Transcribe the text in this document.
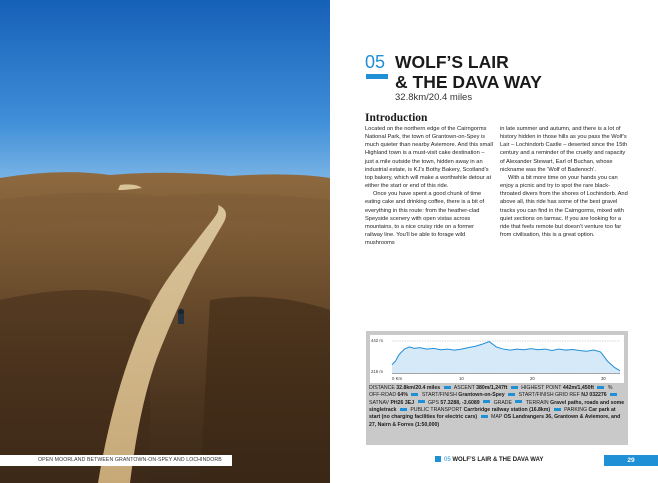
OPEN MOORLAND BETWEEN GRANTOWN-ON-SPEY AND LOCHINDORB
05 WOLF’S LAIR
& THE DAVA WAY
32.8km/20.4 miles
Introduction

Located on the northern edge of the Cairngorms National Park, the town of Grantown-on-Spey is much quieter than nearby Aviemore. And this small Highland town is a must-visit cake destination – just a mile outside the town, hidden away in an industrial estate, is KJ’s Bothy Bakery, Scotland’s top bakery, which will make a worthwhile detour at either the start or end of this ride.

Once you have spent a good chunk of time eating cake and drinking coffee, there is a bit of everything in this route: from the heather-clad Speyside scenery with open vistas across mountains, to a nice cruisy ride on a former railway line. You’ll be able to forage wild mushrooms

in late summer and autumn, and there is a lot of history hidden in those hills as you pass the Wolf’s Lair – Lochindorb Castle – deserted since the 15th century and a reminder of the cruelty and rapacity of Alexander Stewart, Earl of Buchan, whose nickname was the ‘Wolf of Badenoch’.

With a bit more time on your hands you can enjoy a picnic and try to spot the rare black-throated divers from the shores of Lochindorb. And above all, this ride has some of the best gravel tracks you can find in the Cairngorms, mixed with quiet sections on tarmac. If you are looking for a ride that feels remote but doesn’t venture too far from civilisation, this is a great option.

442 m
216 m
0 Km	10	20	30
DISTANCE 32.8km/20.4 miles	ASCENT 380m/1,247ft	HIGHEST POINT 442m/1,450ft	% OFF-ROAD 64%	START/FINISH Grantown-on-Spey	START/FINISH GRID REF NJ 032276  SATNAV PH26 3EJ	GPS 57.3288, -3.6089	GRADE	TERRAIN Gravel paths, roads and some singletrack	PUBLIC TRANSPORT Carrbridge railway station (16.8km)	PARKING Car park at start (no charging facilities for electric cars)	MAP OS Landrangers 36, Grantown & Aviemore, and 27, Nairn & Forres (1:50,000)
05 WOLF’S LAIR & THE DAVA WAY	29
